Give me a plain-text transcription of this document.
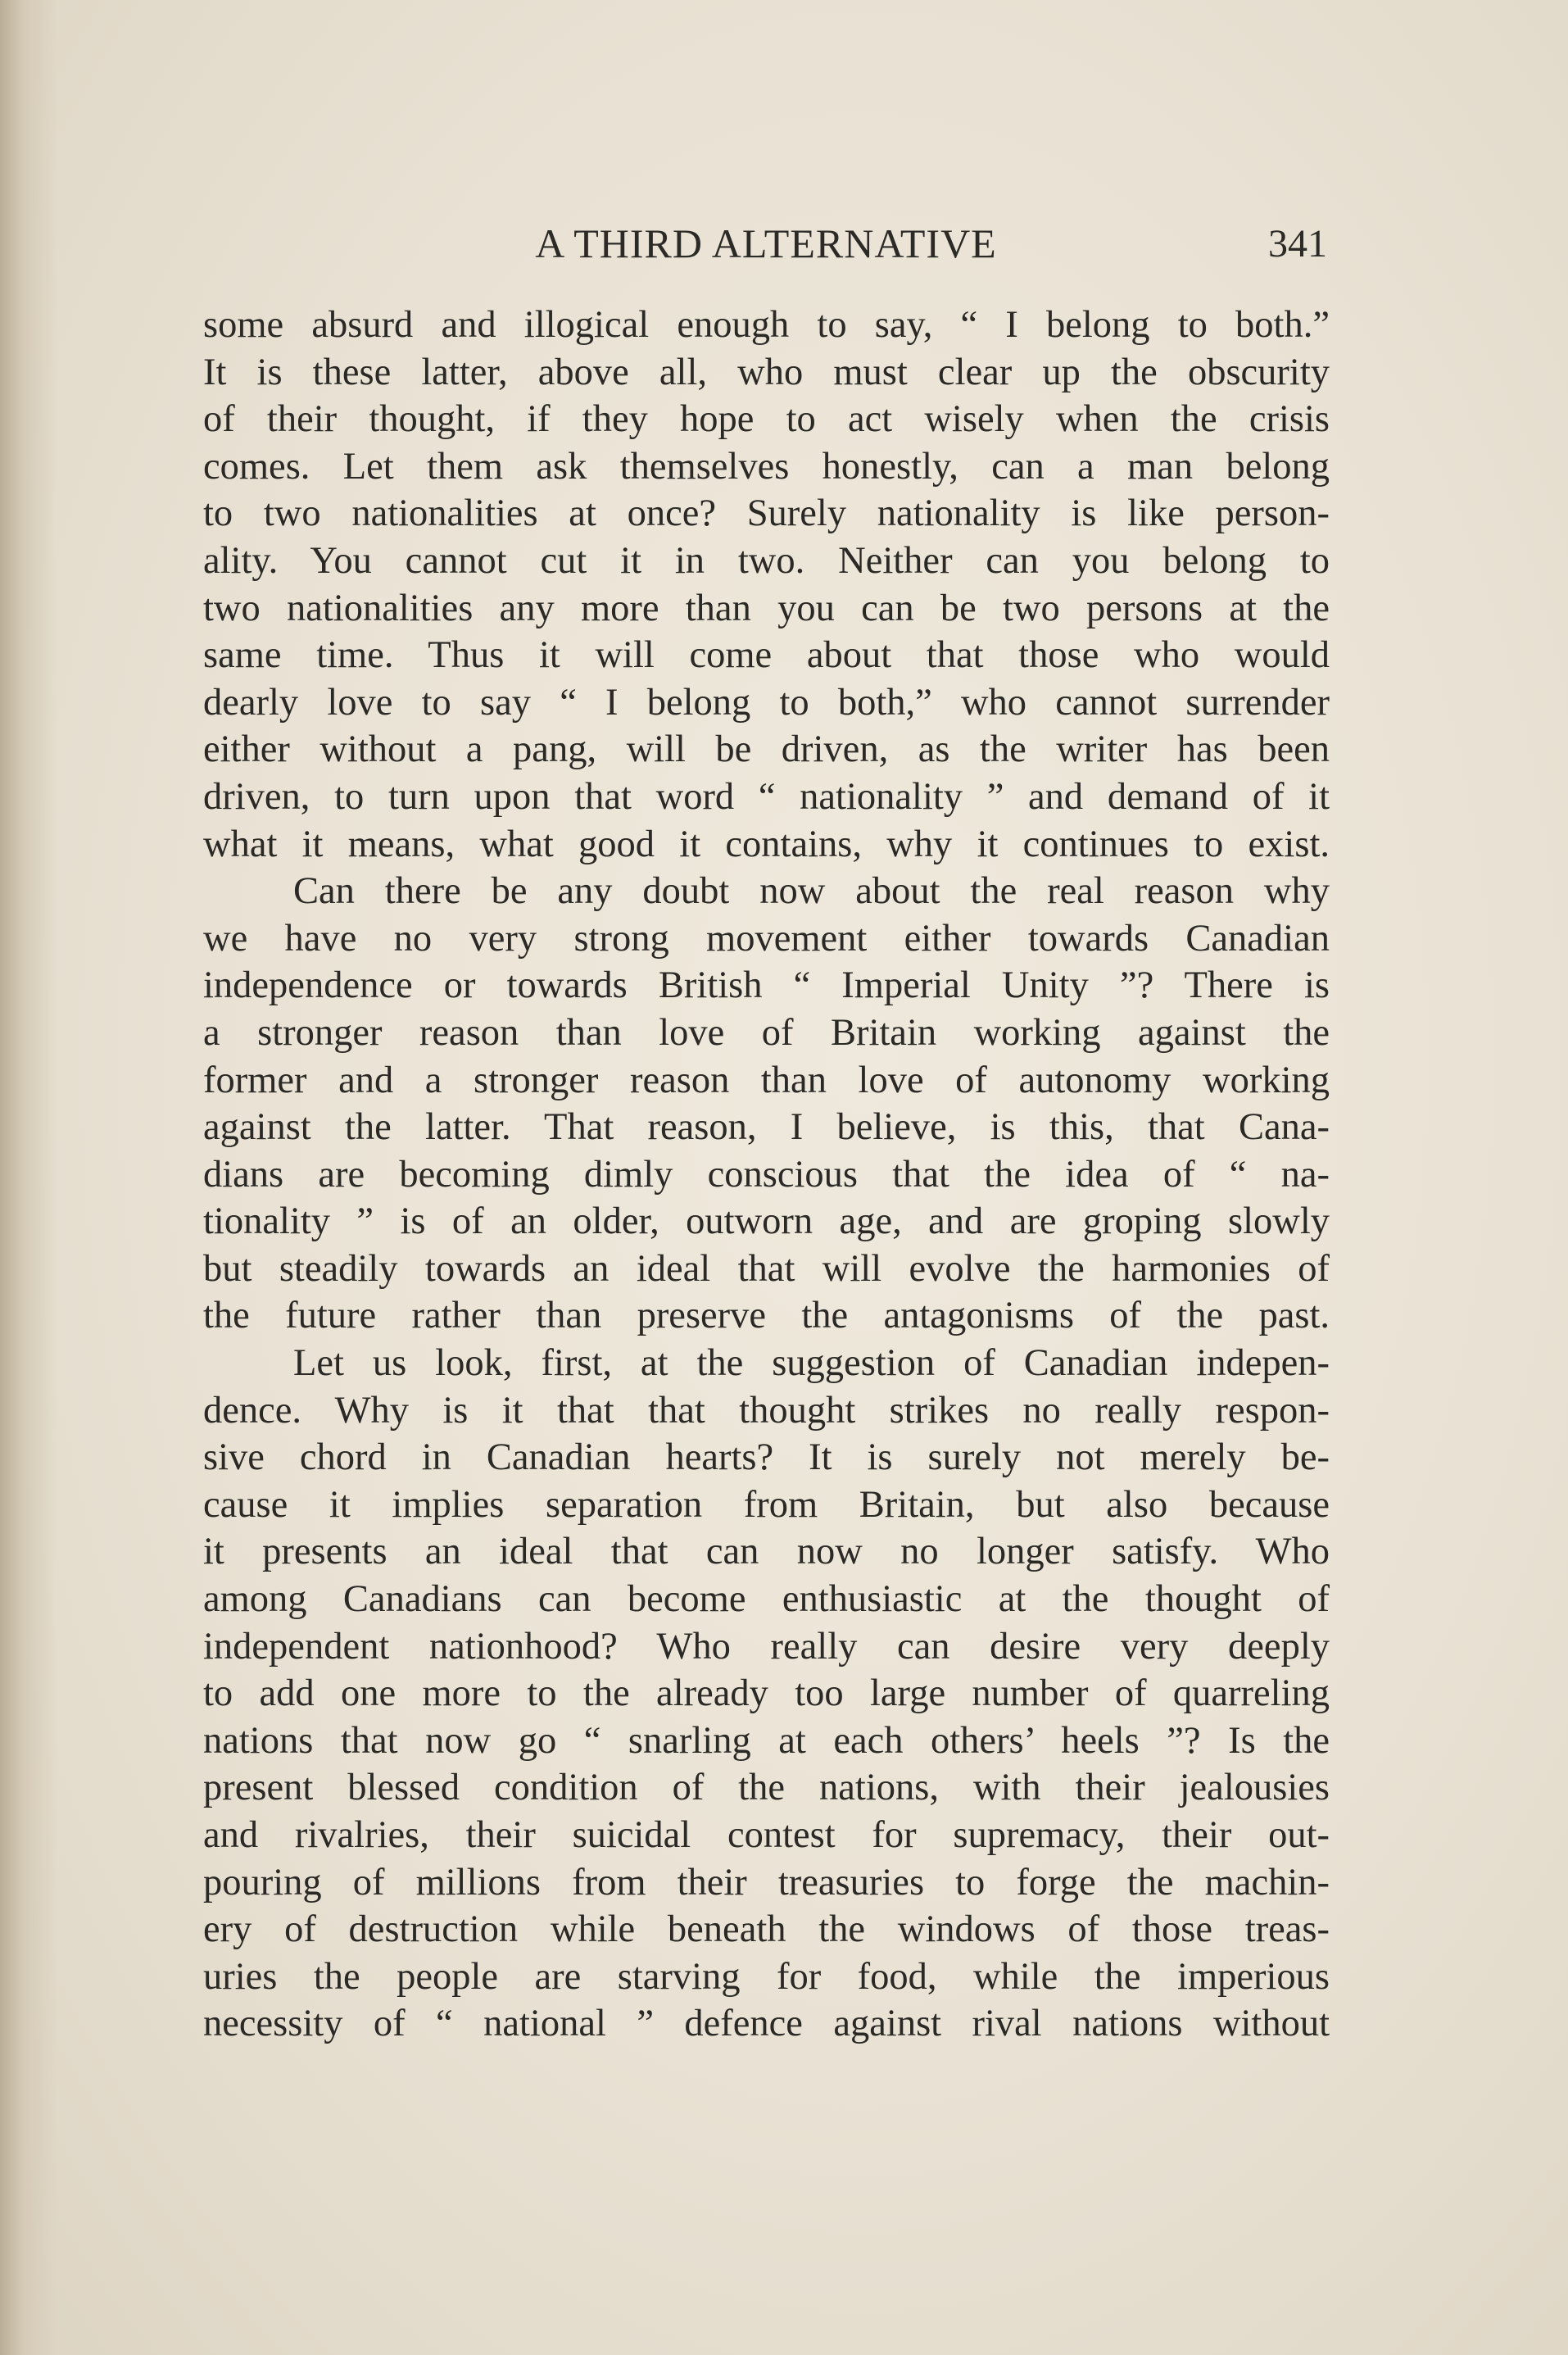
A THIRD ALTERNATIVE	341
some absurd and illogical enough to say, “ I belong to both.”
It is these latter, above all, who must clear up the obscurity
of their thought, if they hope to act wisely when the crisis
comes. Let them ask themselves honestly, can a man belong
to two nationalities at once? Surely nationality is like person-
ality. You cannot cut it in two. Neither can you belong to
two nationalities any more than you can be two persons at the
same time. Thus it will come about that those who would
dearly love to say “ I belong to both,” who cannot surrender
either without a pang, will be driven, as the writer has been
driven, to turn upon that word “ nationality ” and demand of it
what it means, what good it contains, why it continues to exist.
Can there be any doubt now about the real reason why
we have no very strong movement either towards Canadian
independence or towards British “ Imperial Unity ”? There is
a stronger reason than love of Britain working against the
former and a stronger reason than love of autonomy working
against the latter. That reason, I believe, is this, that Cana-
dians are becoming dimly conscious that the idea of “ na-
tionality ” is of an older, outworn age, and are groping slowly
but steadily towards an ideal that will evolve the harmonies of
the future rather than preserve the antagonisms of the past.
Let us look, first, at the suggestion of Canadian indepen-
dence. Why is it that that thought strikes no really respon-
sive chord in Canadian hearts? It is surely not merely be-
cause it implies separation from Britain, but also because
it presents an ideal that can now no longer satisfy. Who
among Canadians can become enthusiastic at the thought of
independent nationhood? Who really can desire very deeply
to add one more to the already too large number of quarreling
nations that now go “ snarling at each others’ heels ”? Is the
present blessed condition of the nations, with their jealousies
and rivalries, their suicidal contest for supremacy, their out-
pouring of millions from their treasuries to forge the machin-
ery of destruction while beneath the windows of those treas-
uries the people are starving for food, while the imperious
necessity of “ national ” defence against rival nations without
